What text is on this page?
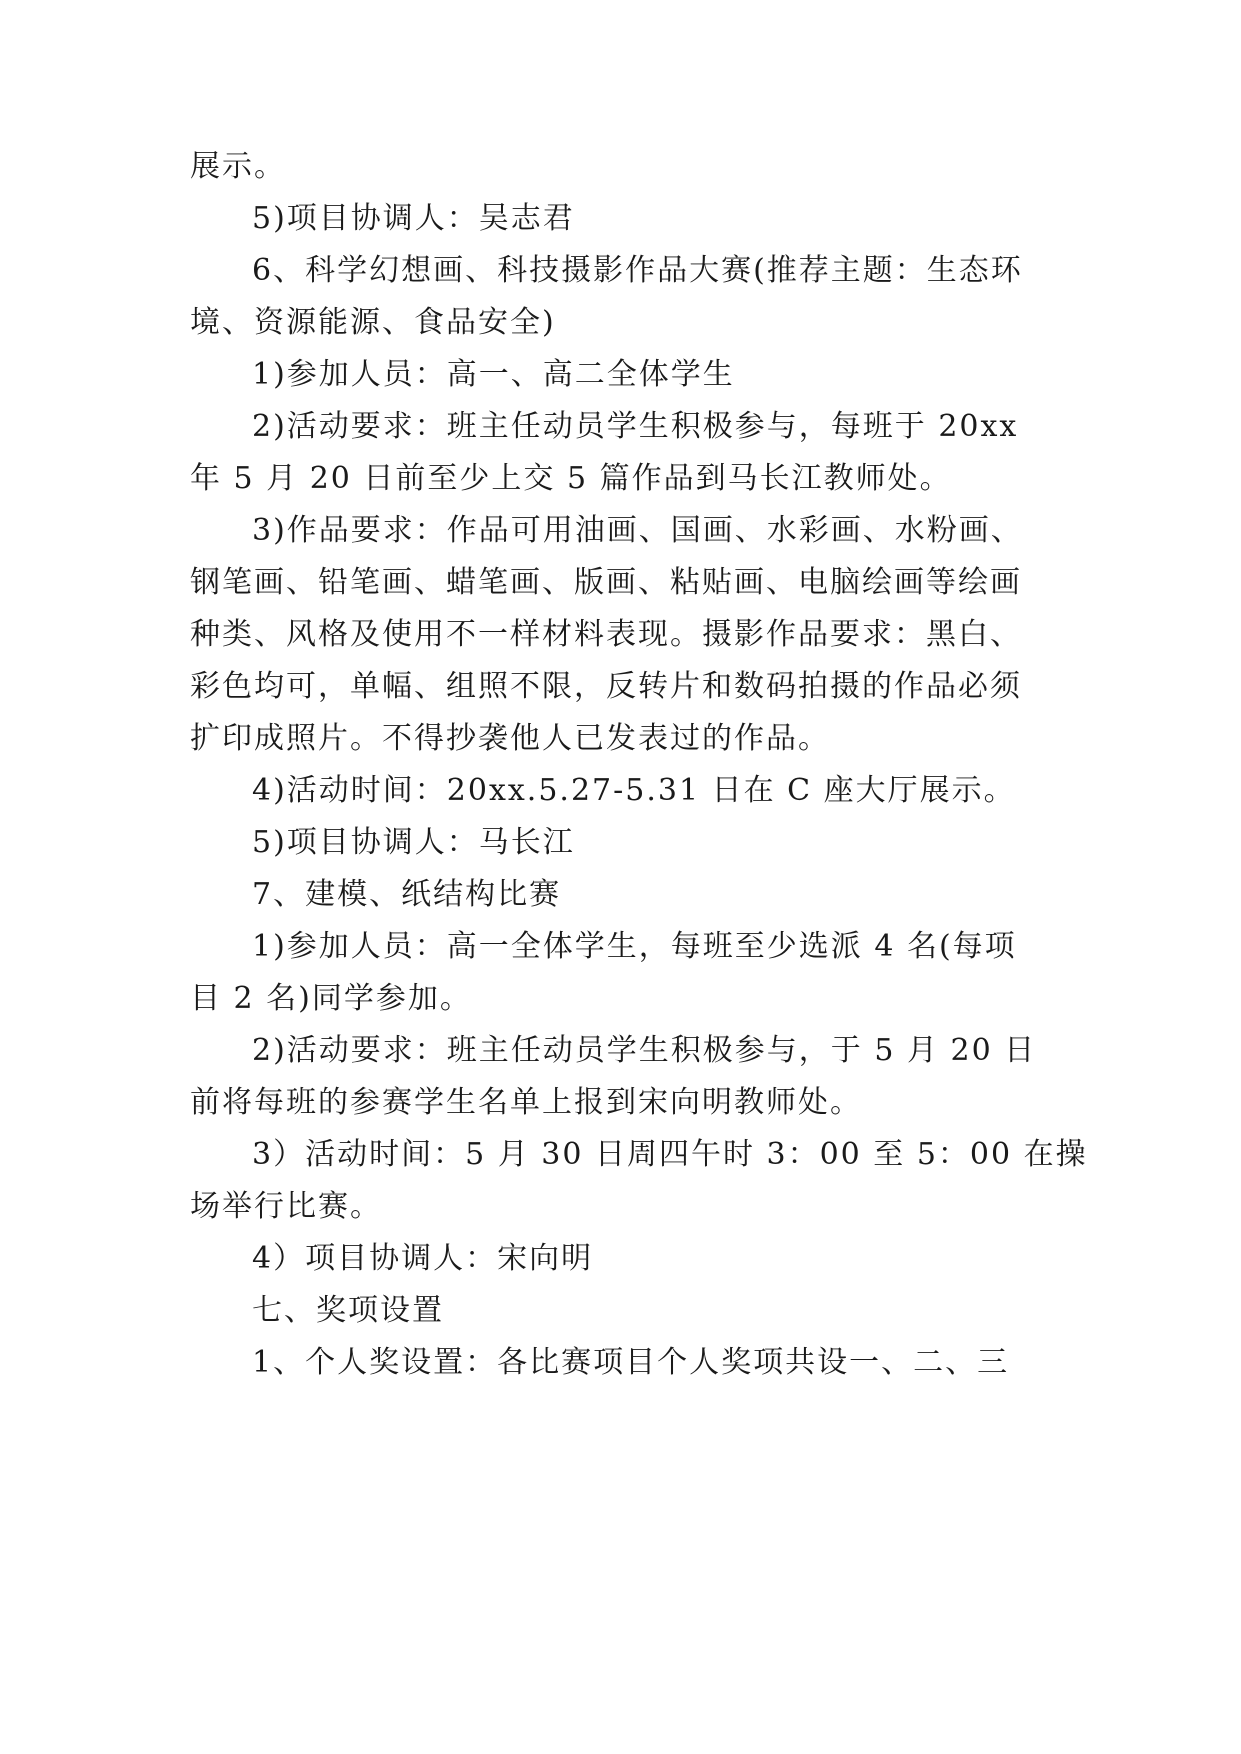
展示。
5)项目协调人：吴志君
6、科学幻想画、科技摄影作品大赛(推荐主题：生态环
境、资源能源、食品安全)
1)参加人员：高一、高二全体学生
2)活动要求：班主任动员学生积极参与，每班于 20xx
年 5 月 20 日前至少上交 5 篇作品到马长江教师处。
3)作品要求：作品可用油画、国画、水彩画、水粉画、
钢笔画、铅笔画、蜡笔画、版画、粘贴画、电脑绘画等绘画
种类、风格及使用不一样材料表现。摄影作品要求：黑白、
彩色均可，单幅、组照不限，反转片和数码拍摄的作品必须
扩印成照片。不得抄袭他人已发表过的作品。
4)活动时间：20xx.5.27-5.31 日在 C 座大厅展示。
5)项目协调人：马长江
7、建模、纸结构比赛
1)参加人员：高一全体学生，每班至少选派 4 名(每项
目 2 名)同学参加。
2)活动要求：班主任动员学生积极参与，于 5 月 20 日
前将每班的参赛学生名单上报到宋向明教师处。
3）活动时间：5 月 30 日周四午时 3：00 至 5：00 在操
场举行比赛。
4）项目协调人：宋向明
七、奖项设置
1、个人奖设置：各比赛项目个人奖项共设一、二、三
